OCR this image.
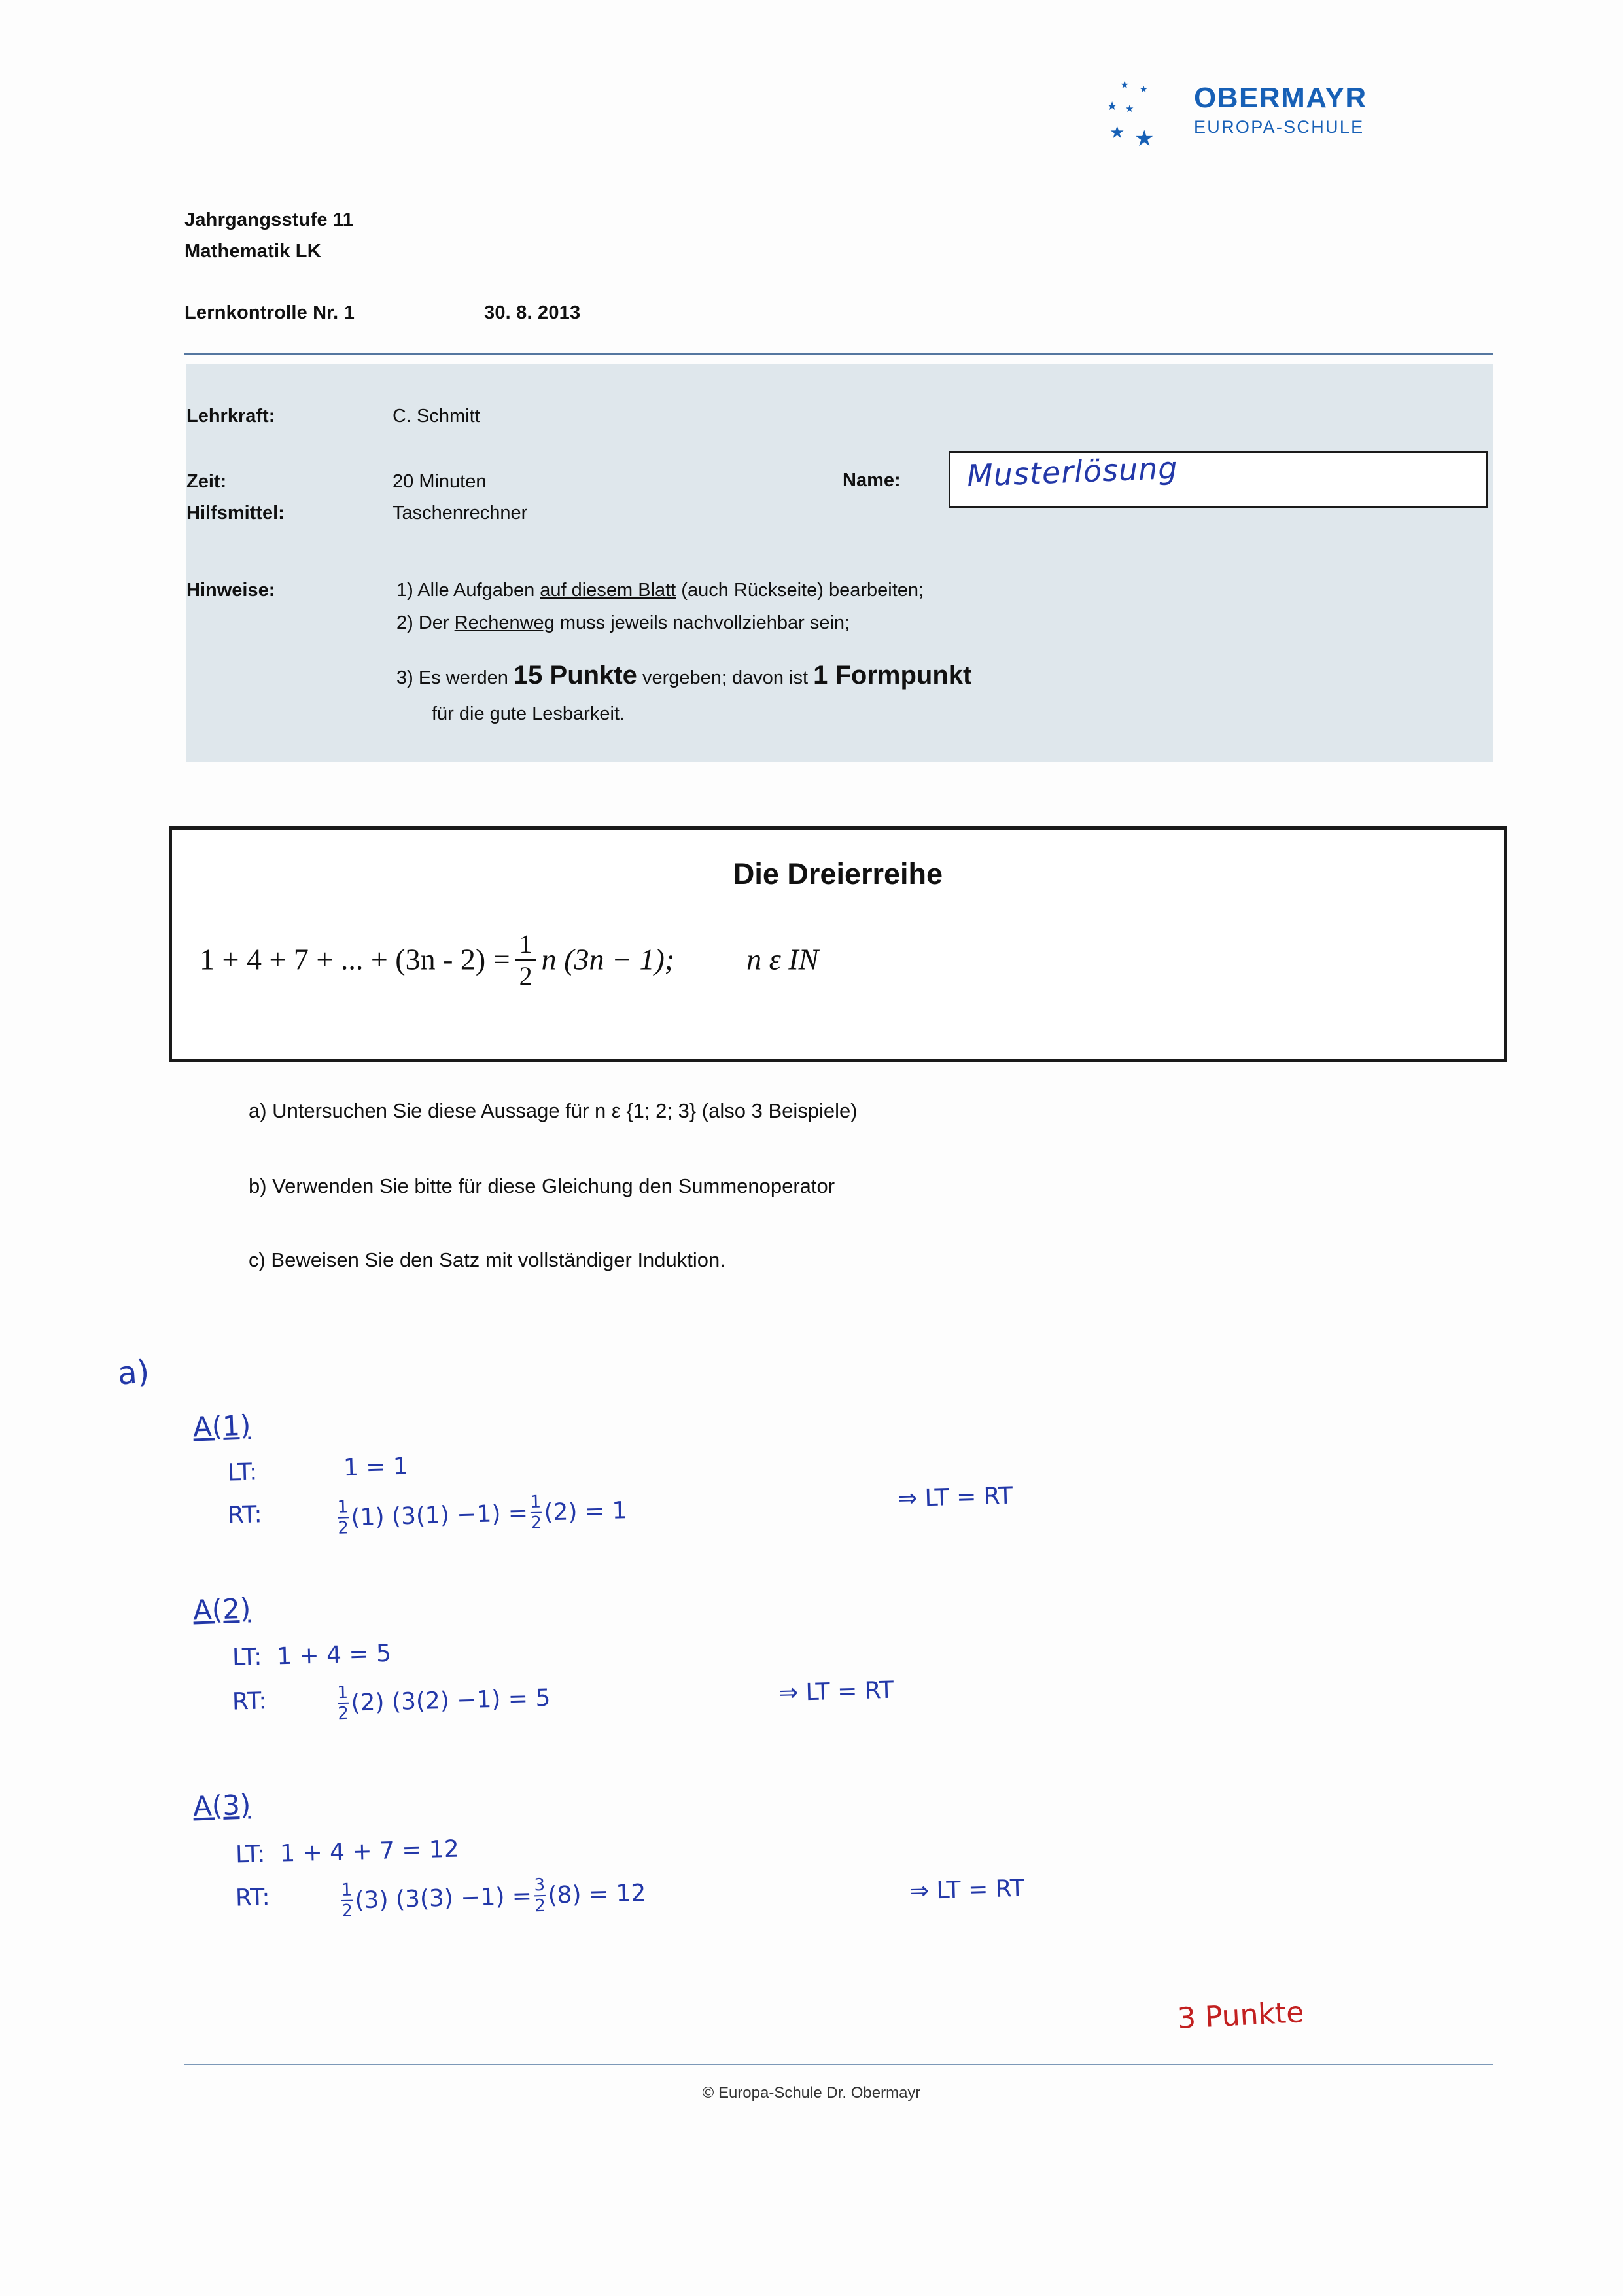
★ ★
★ ★
★ ★
OBERMAYR
EUROPA-SCHULE
Jahrgangsstufe 11
Mathematik LK
Lernkontrolle Nr. 1	30. 8. 2013
Lehrkraft:	C. Schmitt
Zeit:	20 Minuten
Hilfsmittel:	Taschenrechner
Name: Musterlösung
Hinweise:	1) Alle Aufgaben auf diesem Blatt (auch Rückseite) bearbeiten;
2) Der Rechenweg muss jeweils nachvollziehbar sein;
3) Es werden 15 Punkte vergeben; davon ist 1 Formpunkt
für die gute Lesbarkeit.
Die Dreierreihe
1 + 4 + 7 + ... + $(3n - 2) = \frac{1}{2}$ n (3n − 1); n ε IN
a) Untersuchen Sie diese Aussage für n ε {1; 2; 3} (also 3 Beispiele)
b) Verwenden Sie bitte für diese Gleichung den Summenoperator
c) Beweisen Sie den Satz mit vollständiger Induktion.
a)
A(1)
LT:	1 = 1
RT:	$\frac{1}{2} (1)$ $(3(1) -1) = \frac{1}{2} (2) = 1$	⇒ LT = RT
A(2)
LT: 1 + 4 = 5
RT:	$\frac{1}{2} (2)$ (3(2) −1) = 5	⇒ LT = RT
A(3)
LT: 1 + 4 + 7 = 12
RT:	$\frac{1}{2} (3)$ $(3(3) -1) = \frac{3}{2} (8) = 12$	⇒ LT = RT
3 Punkte
© Europa-Schule Dr. Obermayr
